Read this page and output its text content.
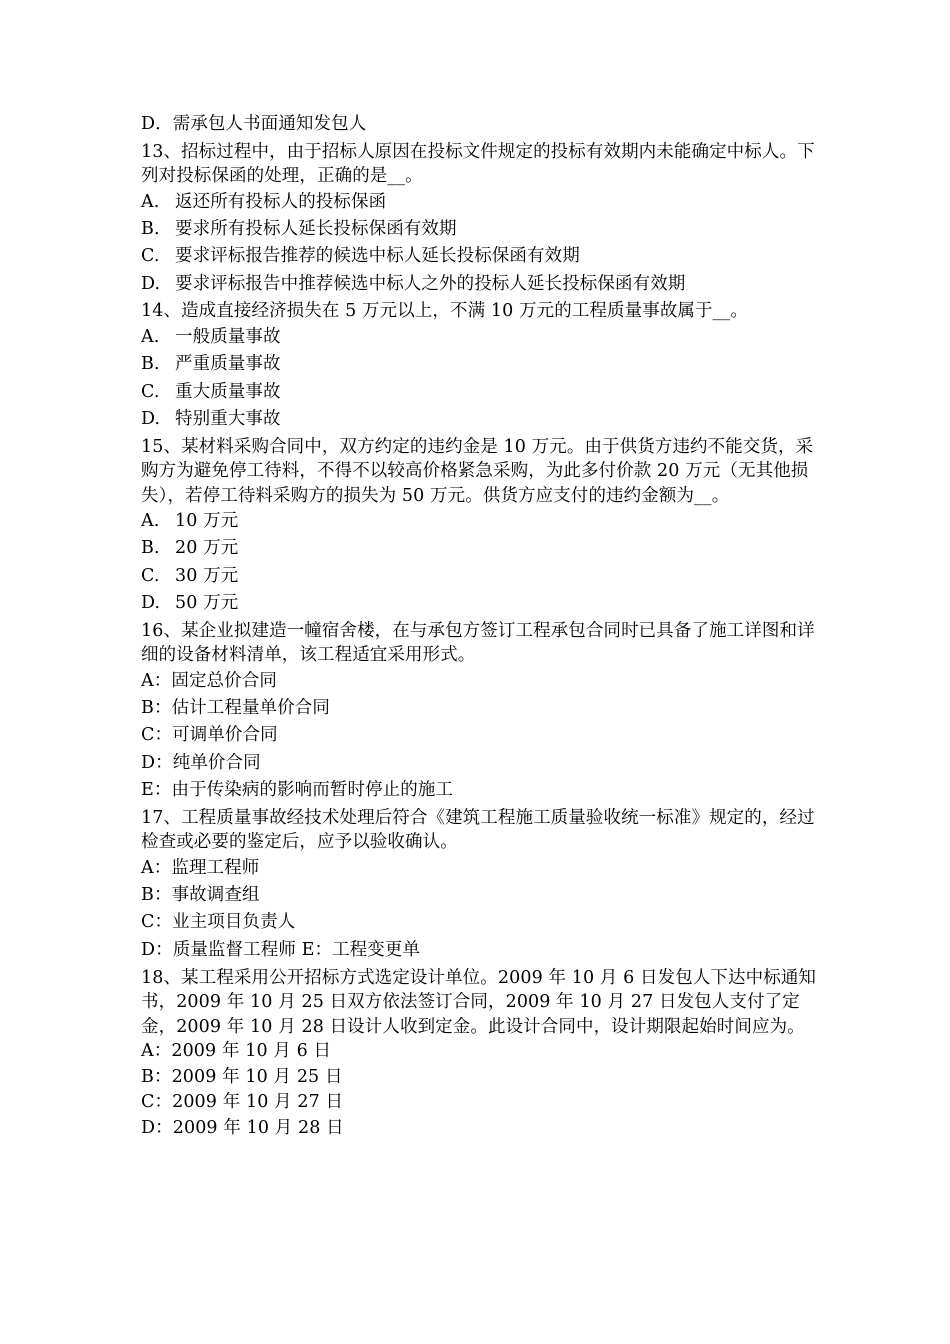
D．需承包人书面通知发包人
13、招标过程中，由于招标人原因在投标文件规定的投标有效期内未能确定中标人。下列对投标保函的处理，正确的是__。
A. 返还所有投标人的投标保函
B. 要求所有投标人延长投标保函有效期
C. 要求评标报告推荐的候选中标人延长投标保函有效期
D. 要求评标报告中推荐候选中标人之外的投标人延长投标保函有效期
14、造成直接经济损失在 5 万元以上，不满 10 万元的工程质量事故属于__。
A. 一般质量事故
B. 严重质量事故
C. 重大质量事故
D. 特别重大事故
15、某材料采购合同中，双方约定的违约金是 10 万元。由于供货方违约不能交货，采购方为避免停工待料，不得不以较高价格紧急采购，为此多付价款 20 万元（无其他损失），若停工待料采购方的损失为 50 万元。供货方应支付的违约金额为__。
A. 10 万元
B. 20 万元
C. 30 万元
D. 50 万元
16、某企业拟建造一幢宿舍楼，在与承包方签订工程承包合同时已具备了施工详图和详细的设备材料清单，该工程适宜采用形式。
A：固定总价合同
B：估计工程量单价合同
C：可调单价合同
D：纯单价合同
E：由于传染病的影响而暂时停止的施工
17、工程质量事故经技术处理后符合《建筑工程施工质量验收统一标准》规定的，经过检查或必要的鉴定后，应予以验收确认。
A：监理工程师
B：事故调查组
C：业主项目负责人
D：质量监督工程师 E：工程变更单
18、某工程采用公开招标方式选定设计单位。2009 年 10 月 6 日发包人下达中标通知书，2009 年 10 月 25 日双方依法签订合同，2009 年 10 月 27 日发包人支付了定金，2009 年 10 月 28 日设计人收到定金。此设计合同中，设计期限起始时间应为。
A：2009 年 10 月 6 日
B：2009 年 10 月 25 日
C：2009 年 10 月 27 日
D：2009 年 10 月 28 日
